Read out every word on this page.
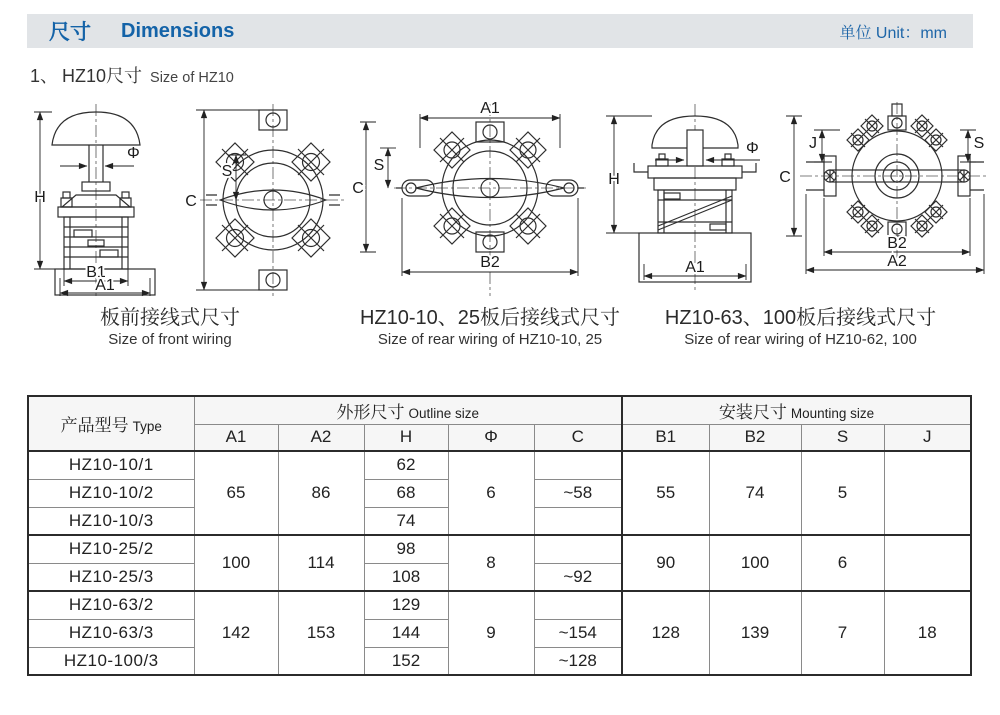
尺寸 Dimensions	单位 Unit：mm
1、 HZ10尺寸 Size of HZ10
Φ
H
B1
A1
S
C
A1
S
C
B2
Φ
H
A1
C
J	S
B2
A2
板前接线式尺寸
Size of front wiring
HZ10-10、25板后接线式尺寸
Size of rear wiring of HZ10-10, 25
HZ10-63、100板后接线式尺寸
Size of rear wiring of HZ10-62, 100
产品型号 Type	外形尺寸 Outline size					安装尺寸 Mounting size			
	A1	A2	H	Φ	C	B1	B2	S	J
HZ10-10/1	65	86	62	6		55	74	5	
HZ10-10/2			68		~58				
HZ10-10/3			74						
HZ10-25/2	100	114	98	8		90	100	6	
HZ10-25/3			108		~92				
HZ10-63/2	142	153	129	9		128	139	7	18
HZ10-63/3			144		~154				
HZ10-100/3			152		~128				
